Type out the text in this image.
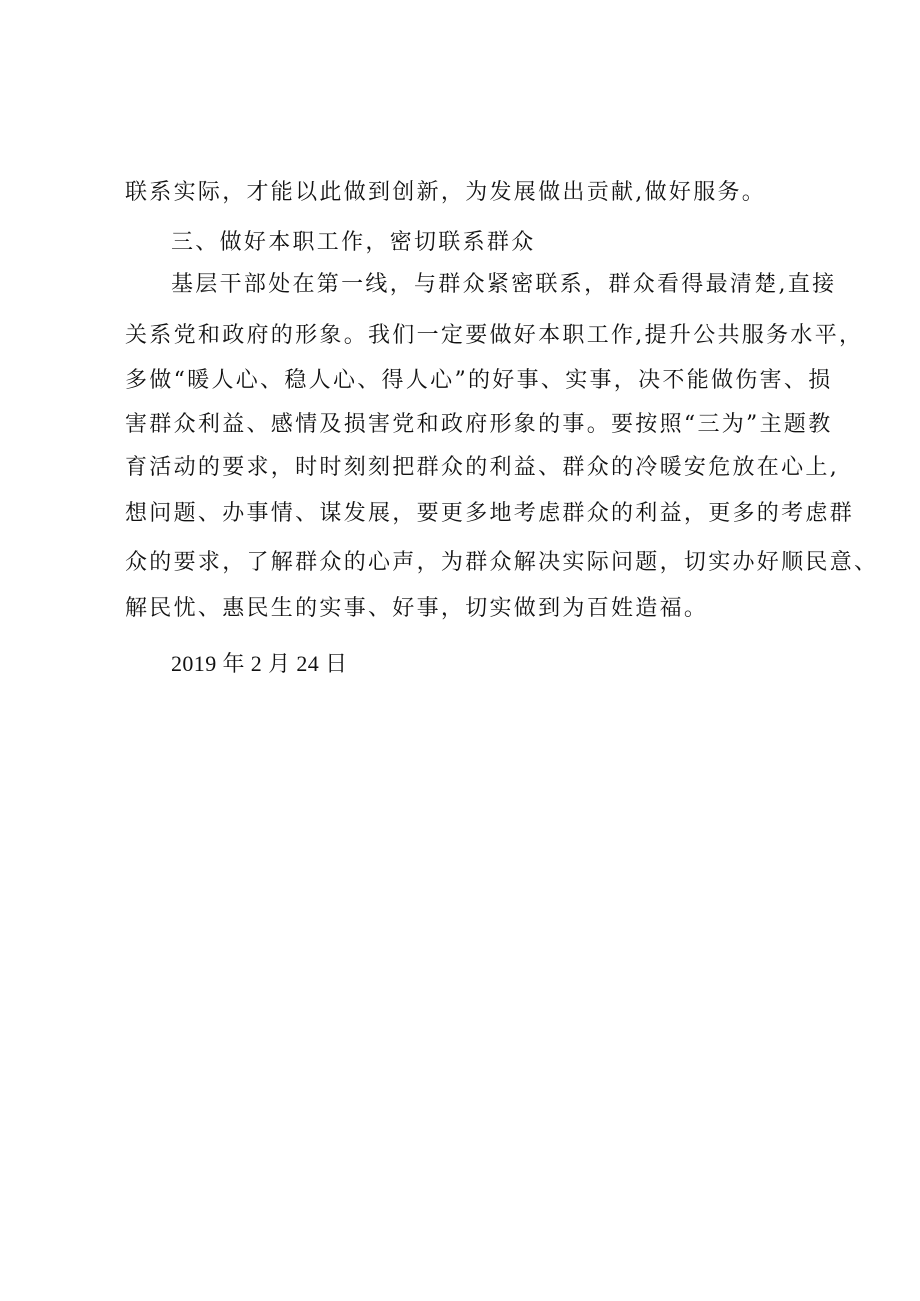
联系实际，才能以此做到创新，为发展做出贡献,做好服务。
三、做好本职工作，密切联系群众
基层干部处在第一线，与群众紧密联系，群众看得最清楚,直接
关系党和政府的形象。我们一定要做好本职工作,提升公共服务水平，
多做“暖人心、稳人心、得人心”的好事、实事，决不能做伤害、损
害群众利益、感情及损害党和政府形象的事。要按照“三为”主题教
育活动的要求，时时刻刻把群众的利益、群众的冷暖安危放在心上,
想问题、办事情、谋发展，要更多地考虑群众的利益，更多的考虑群
众的要求，了解群众的心声，为群众解决实际问题，切实办好顺民意、
解民忧、惠民生的实事、好事，切实做到为百姓造福。
2019 年 2 月 24 日
